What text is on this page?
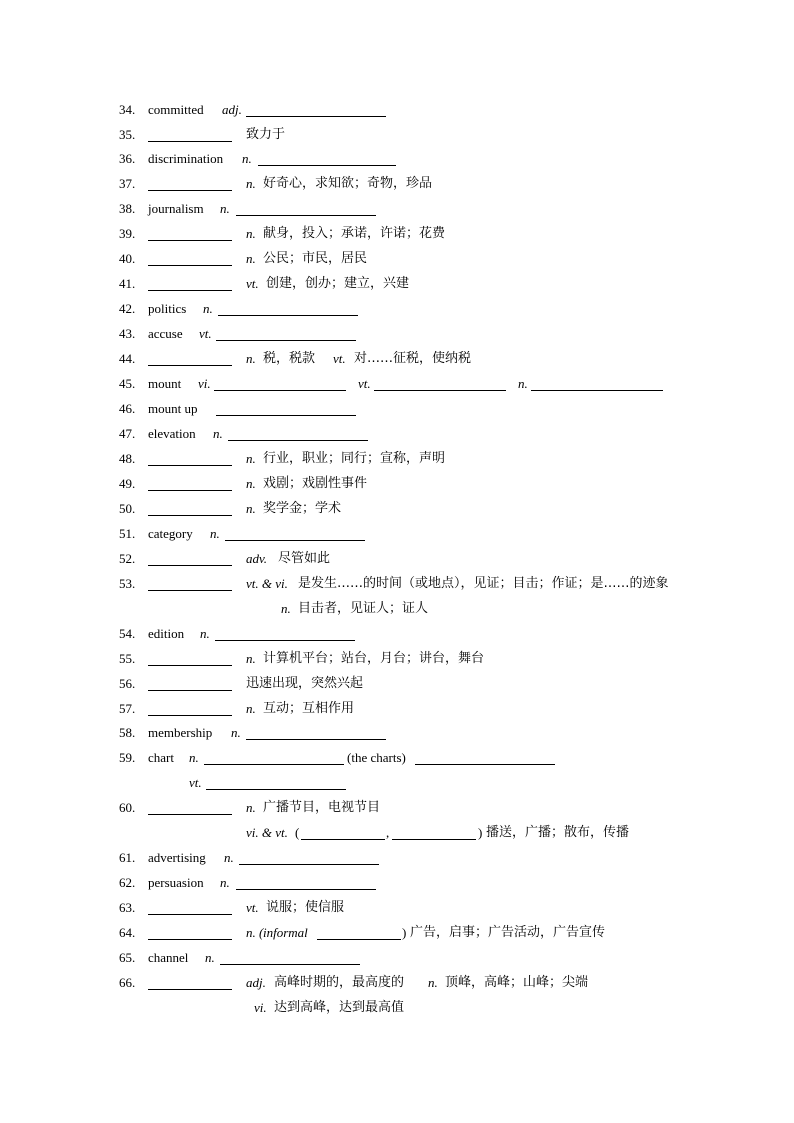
34. committed adj.
35.	致力于
36. discrimination n.
37.	n. 好奇心，求知欲；奇物，珍品
38. journalism n.
39.	n. 献身，投入；承诺，许诺；花费
40.	n. 公民；市民，居民
41.	vt. 创建，创办；建立，兴建
42. politics n.
43. accuse vt.
44.	n. 税，税款 vt. 对……征税，使纳税
45. mount vi.	vt.	n.
46. mount up
47. elevation n.
48.	n. 行业，职业；同行；宣称，声明
49.	n. 戏剧；戏剧性事件
50.	n. 奖学金；学术
51. category n.
52.	adv. 尽管如此
53.	vt. & vi. 是发生……的时间（或地点），见证；目击；作证；是……的迹象
n. 目击者，见证人；证人
54. edition n.
55.	n. 计算机平台；站台，月台；讲台，舞台
56.	迅速出现，突然兴起
57.	n. 互动；互相作用
58. membership n.
59. chart n.	(the charts)
vt.
60.	n. 广播节目，电视节目
vi. & vt. (	,	) 播送，广播；散布，传播
61. advertising n.
62. persuasion n.
63.	vt. 说服；使信服
64.	n. ( informal	) 广告，启事；广告活动，广告宣传
65. channel n.
66.	adj. 高峰时期的，最高度的 n. 顶峰，高峰；山峰；尖端
vi. 达到高峰，达到最高值
